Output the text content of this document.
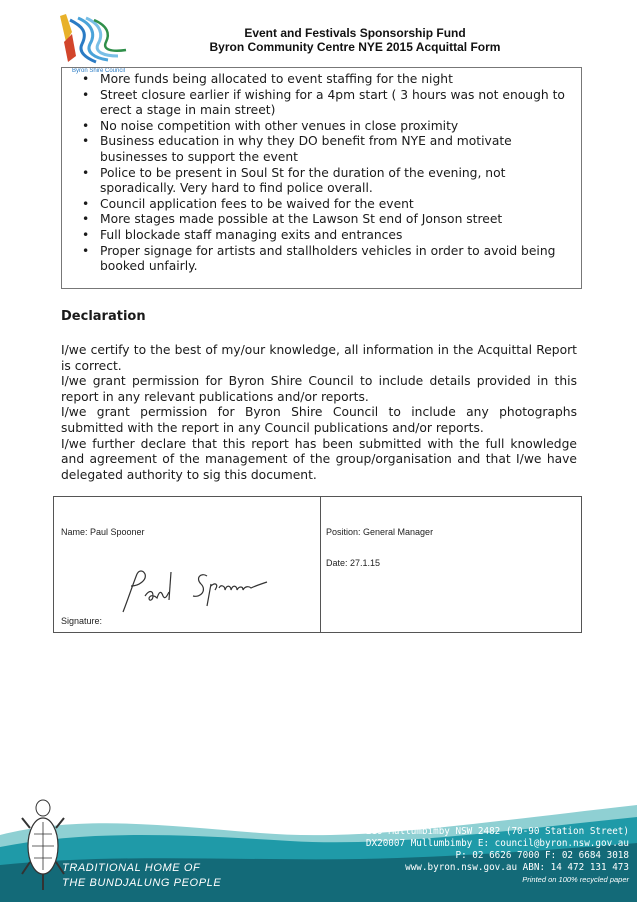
Byron Shire Council
Event and Festivals Sponsorship Fund
Byron Community Centre NYE 2015 Acquittal Form
• More funds being allocated to event staffing for the night
• Street closure earlier if wishing for a 4pm start ( 3 hours was not enough to erect a stage in main street)
• No noise competition with other venues in close proximity
• Business education in why they DO benefit from NYE and motivate businesses to support the event
• Police to be present in Soul St for the duration of the evening, not sporadically. Very hard to find police overall.
• Council application fees to be waived for the event
• More stages made possible at the Lawson St end of Jonson street
• Full blockade staff managing exits and entrances
• Proper signage for artists and stallholders vehicles in order to avoid being booked unfairly.
Declaration

I/we certify to the best of my/our knowledge, all information in the Acquittal Report is correct.

I/we grant permission for Byron Shire Council to include details provided in this report in any relevant publications and/or reports.

I/we grant permission for Byron Shire Council to include any photographs submitted with the report in any Council publications and/or reports.

I/we further declare that this report has been submitted with the full knowledge and agreement of the management of the group/organisation and that I/we have delegated authority to sig this document.

Name: Paul Spooner	Position: General Manager
Date: 27.1.15
Signature:
TRADITIONAL HOME OF
THE BUNDJALUNG PEOPLE
PO Box 219 Mullumbimby NSW 2482 (70-90 Station Street)
DX20007 Mullumbimby E: council@byron.nsw.gov.au
P: 02 6626 7000 F: 02 6684 3018
www.byron.nsw.gov.au ABN: 14 472 131 473
Printed on 100% recycled paper
